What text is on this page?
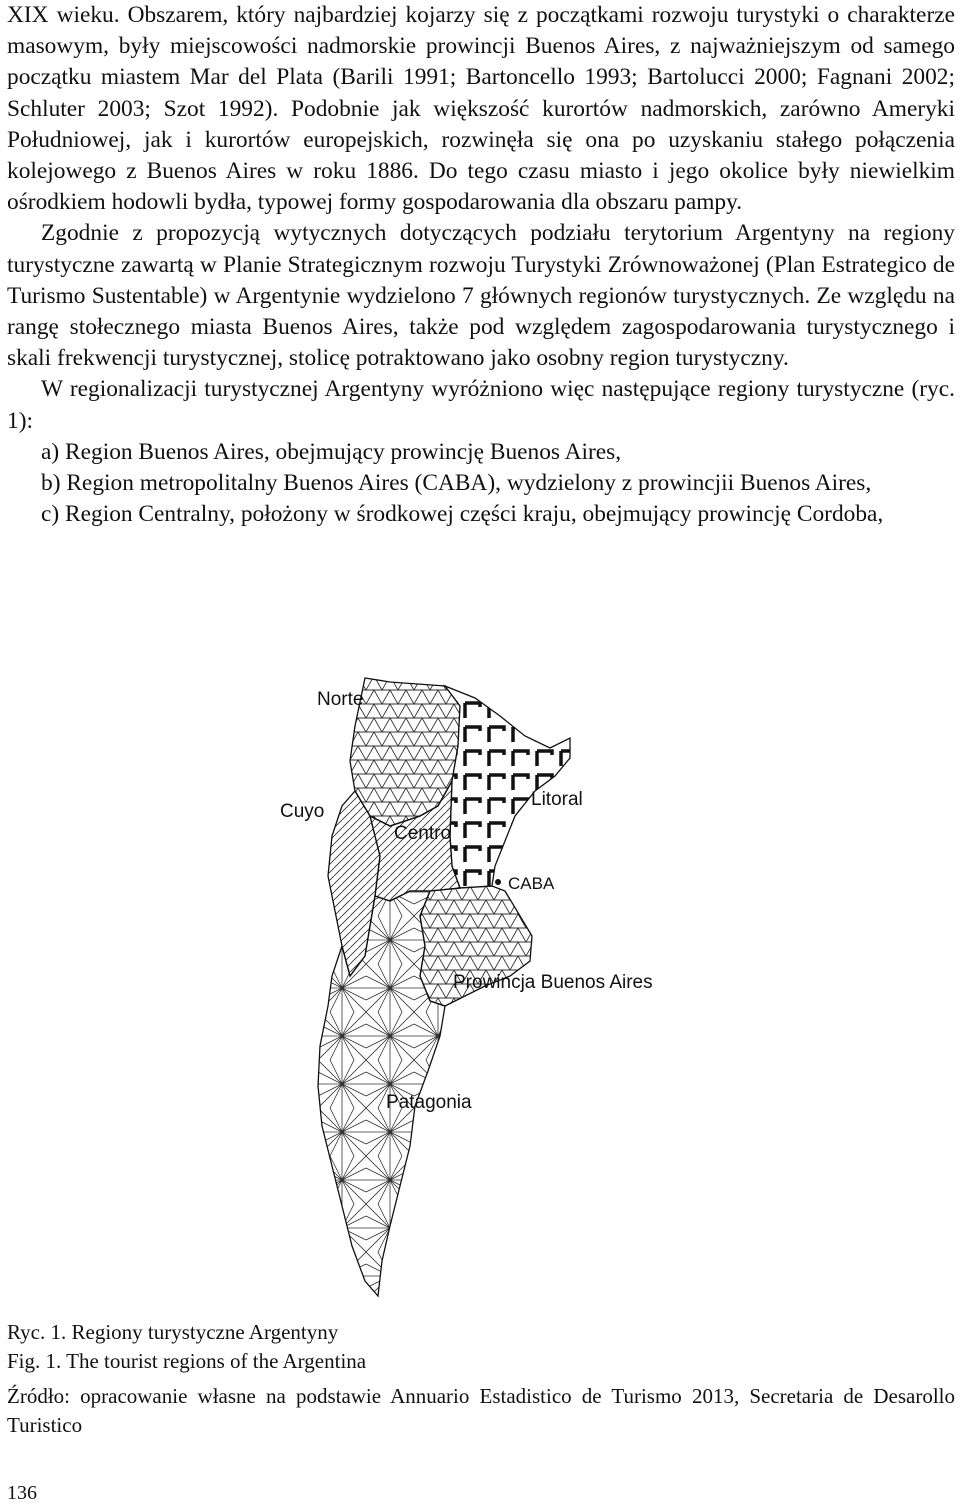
XIX wieku. Obszarem, który najbardziej kojarzy się z początkami rozwoju turystyki o charakterze masowym, były miejscowości nadmorskie prowincji Buenos Aires, z najważniejszym od samego początku miastem Mar del Plata (Barili 1991; Bartoncello 1993; Bartolucci 2000; Fagnani 2002; Schluter 2003; Szot 1992). Podobnie jak większość kurortów nadmorskich, zarówno Ameryki Południowej, jak i kurortów europejskich, rozwinęła się ona po uzyskaniu stałego połączenia kolejowego z Buenos Aires w roku 1886. Do tego czasu miasto i jego okolice były niewielkim ośrodkiem hodowli bydła, typowej formy gospodarowania dla obszaru pampy.

Zgodnie z propozycją wytycznych dotyczących podziału terytorium Argentyny na regiony turystyczne zawartą w Planie Strategicznym rozwoju Turystyki Zrównoważonej (Plan Estrategico de Turismo Sustentable) w Argentynie wydzielono 7 głównych regionów turystycznych. Ze względu na rangę stołecznego miasta Buenos Aires, także pod względem zagospodarowania turystycznego i skali frekwencji turystycznej, stolicę potraktowano jako osobny region turystyczny.

W regionalizacji turystycznej Argentyny wyróżniono więc następujące regiony turystyczne (ryc. 1):

a) Region Buenos Aires, obejmujący prowincję Buenos Aires,
b) Region metropolitalny Buenos Aires (CABA), wydzielony z prowincjii Buenos Aires,
c) Region Centralny, położony w środkowej części kraju, obejmujący prowincję Cordoba,
Norte
Cuyo
Centro
Litoral
CABA
Prowincja Buenos Aires
Patagonia
Ryc. 1. Regiony turystyczne Argentyny
Fig. 1. The tourist regions of the Argentina
Źródło: opracowanie własne na podstawie Annuario Estadistico de Turismo 2013, Secretaria de Desarollo Turistico
136
